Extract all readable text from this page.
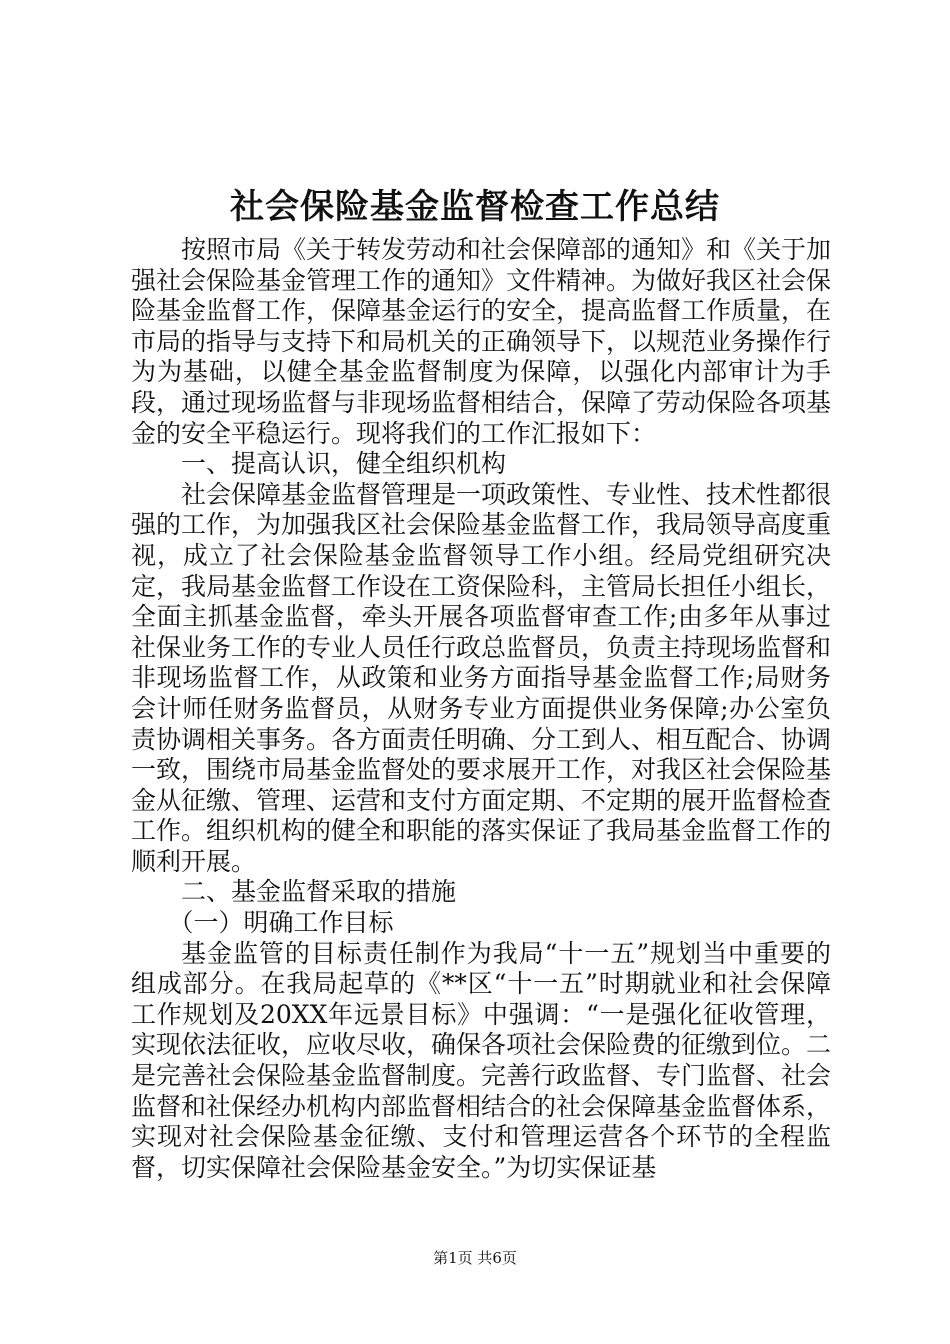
社会保险基金监督检查工作总结

按照市局《关于转发劳动和社会保障部的通知》和《关于加强社会保险基金管理工作的通知》文件精神。为做好我区社会保险基金监督工作，保障基金运行的安全，提高监督工作质量，在市局的指导与支持下和局机关的正确领导下，以规范业务操作行为为基础，以健全基金监督制度为保障，以强化内部审计为手段，通过现场监督与非现场监督相结合，保障了劳动保险各项基金的安全平稳运行。现将我们的工作汇报如下：

一、提高认识，健全组织机构

社会保障基金监督管理是一项政策性、专业性、技术性都很强的工作，为加强我区社会保险基金监督工作，我局领导高度重视，成立了社会保险基金监督领导工作小组。经局党组研究决定，我局基金监督工作设在工资保险科，主管局长担任小组长，全面主抓基金监督，牵头开展各项监督审查工作;由多年从事过社保业务工作的专业人员任行政总监督员，负责主持现场监督和非现场监督工作，从政策和业务方面指导基金监督工作;局财务会计师任财务监督员，从财务专业方面提供业务保障;办公室负责协调相关事务。各方面责任明确、分工到人、相互配合、协调一致，围绕市局基金监督处的要求展开工作，对我区社会保险基金从征缴、管理、运营和支付方面定期、不定期的展开监督检查工作。组织机构的健全和职能的落实保证了我局基金监督工作的顺利开展。

二、基金监督采取的措施

（一）明确工作目标

基金监管的目标责任制作为我局“十一五”规划当中重要的组成部分。在我局起草的《**区“十一五”时期就业和社会保障工作规划及20XX年远景目标》中强调：“一是强化征收管理，实现依法征收，应收尽收，确保各项社会保险费的征缴到位。二是完善社会保险基金监督制度。完善行政监督、专门监督、社会监督和社保经办机构内部监督相结合的社会保障基金监督体系，实现对社会保险基金征缴、支付和管理运营各个环节的全程监督，切实保障社会保险基金安全。”为切实保证基

第1页 共6页
